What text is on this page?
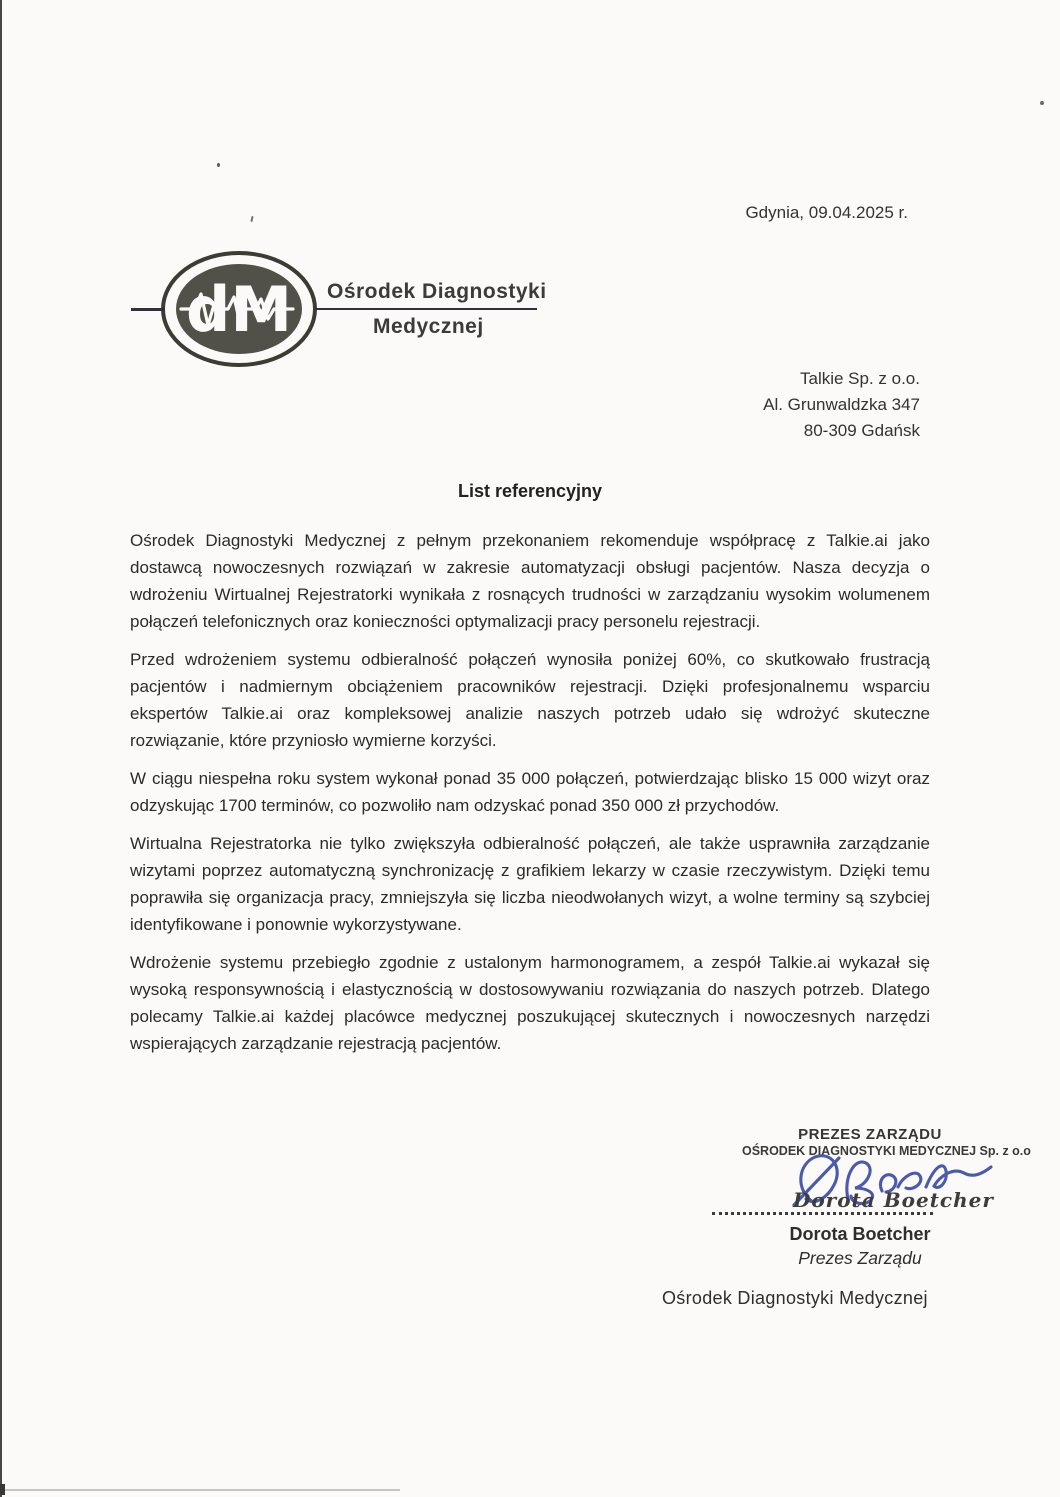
Gdynia, 09.04.2025 r.
dM Ośrodek Diagnostyki
Medycznej
Talkie Sp. z o.o.
Al. Grunwaldzka 347
80-309 Gdańsk
List referencyjny

Ośrodek Diagnostyki Medycznej z pełnym przekonaniem rekomenduje współpracę z Talkie.ai jako dostawcą nowoczesnych rozwiązań w zakresie automatyzacji obsługi pacjentów. Nasza decyzja o wdrożeniu Wirtualnej Rejestratorki wynikała z rosnących trudności w zarządzaniu wysokim wolumenem połączeń telefonicznych oraz konieczności optymalizacji pracy personelu rejestracji.

Przed wdrożeniem systemu odbieralność połączeń wynosiła poniżej 60%, co skutkowało frustracją pacjentów i nadmiernym obciążeniem pracowników rejestracji. Dzięki profesjonalnemu wsparciu ekspertów Talkie.ai oraz kompleksowej analizie naszych potrzeb udało się wdrożyć skuteczne rozwiązanie, które przyniosło wymierne korzyści.

W ciągu niespełna roku system wykonał ponad 35 000 połączeń, potwierdzając blisko 15 000 wizyt oraz odzyskując 1700 terminów, co pozwoliło nam odzyskać ponad 350 000 zł przychodów.

Wirtualna Rejestratorka nie tylko zwiększyła odbieralność połączeń, ale także usprawniła zarządzanie wizytami poprzez automatyczną synchronizację z grafikiem lekarzy w czasie rzeczywistym. Dzięki temu poprawiła się organizacja pracy, zmniejszyła się liczba nieodwołanych wizyt, a wolne terminy są szybciej identyfikowane i ponownie wykorzystywane.

Wdrożenie systemu przebiegło zgodnie z ustalonym harmonogramem, a zespół Talkie.ai wykazał się wysoką responsywnością i elastycznością w dostosowywaniu rozwiązania do naszych potrzeb. Dlatego polecamy Talkie.ai każdej placówce medycznej poszukującej skutecznych i nowoczesnych narzędzi wspierających zarządzanie rejestracją pacjentów.

PREZES ZARZĄDU
OŚRODEK DIAGNOSTYKI MEDYCZNEJ Sp. z o.o
Dorota Boetcher
Dorota Boetcher
Prezes Zarządu
Ośrodek Diagnostyki Medycznej
